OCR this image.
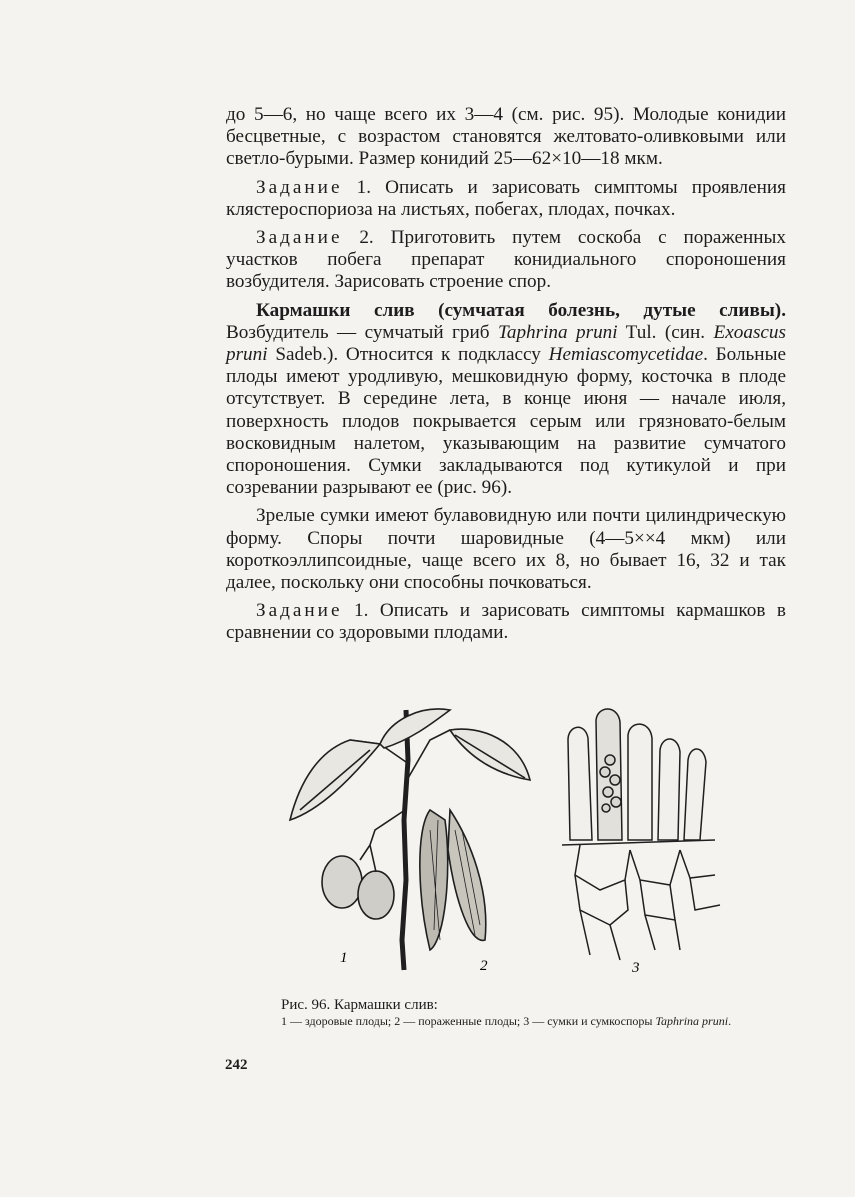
до 5—6, но чаще всего их 3—4 (см. рис. 95). Молодые конидии бесцветные, с возрастом становятся желтовато-оливковыми или светло-бурыми. Размер конидий 25—62×10—18 мкм.

Задание 1. Описать и зарисовать симптомы проявления клястероспориоза на листьях, побегах, плодах, почках.

Задание 2. Приготовить путем соскоба с пораженных участков побега препарат конидиального спороношения возбудителя. Зарисовать строение спор.

Кармашки слив (сумчатая болезнь, дутые сливы). Возбудитель — сумчатый гриб Taphrina pruni Tul. (син. Exoascus pruni Sadeb.). Относится к подклассу Hemiascomycetidae. Больные плоды имеют уродливую, мешковидную форму, косточка в плоде отсутствует. В середине лета, в конце июня — начале июля, поверхность плодов покрывается серым или грязновато-белым восковидным налетом, указывающим на развитие сумчатого спороношения. Сумки закладываются под кутикулой и при созревании разрывают ее (рис. 96).

Зрелые сумки имеют булавовидную или почти цилиндрическую форму. Споры почти шаровидные (4—5××4 мкм) или короткоэллипсоидные, чаще всего их 8, но бывает 16, 32 и так далее, поскольку они способны почковаться.

Задание 1. Описать и зарисовать симптомы кармашков в сравнении со здоровыми плодами.

1	2	3
Рис. 96. Кармашки слив:
1 — здоровые плоды; 2 — пораженные плоды; 3 — сумки и сумкоспоры Taphrina pruni.
242
